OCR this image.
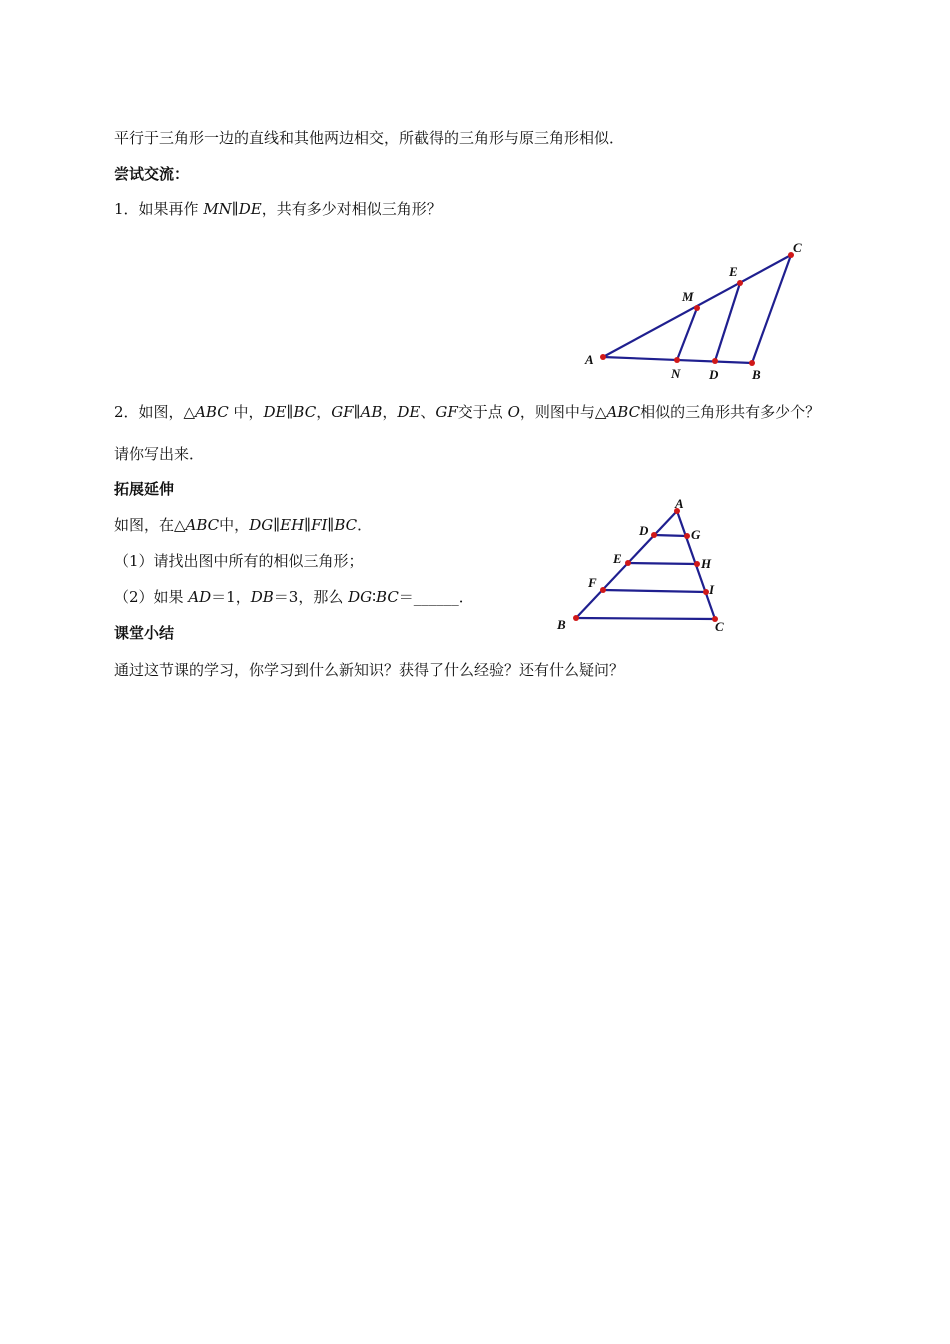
平行于三角形一边的直线和其他两边相交，所截得的三角形与原三角形相似．
尝试交流：
1．如果再作 MN∥DE，共有多少对相似三角形？
A
N D	B
M
E
C
2．如图，△ABC 中，DE∥BC，GF∥AB，DE、GF交于点 O，则图中与△ABC相似的三角形共有多少个？
请你写出来．
拓展延伸
如图，在△ABC中，DG∥EH∥FI∥BC．
（1）请找出图中所有的相似三角形；
（2）如果 AD＝1，DB＝3，那么 DG∶BC＝______．
A
D	G
E	H
F	I
B	C
课堂小结
通过这节课的学习，你学习到什么新知识？获得了什么经验？还有什么疑问？
